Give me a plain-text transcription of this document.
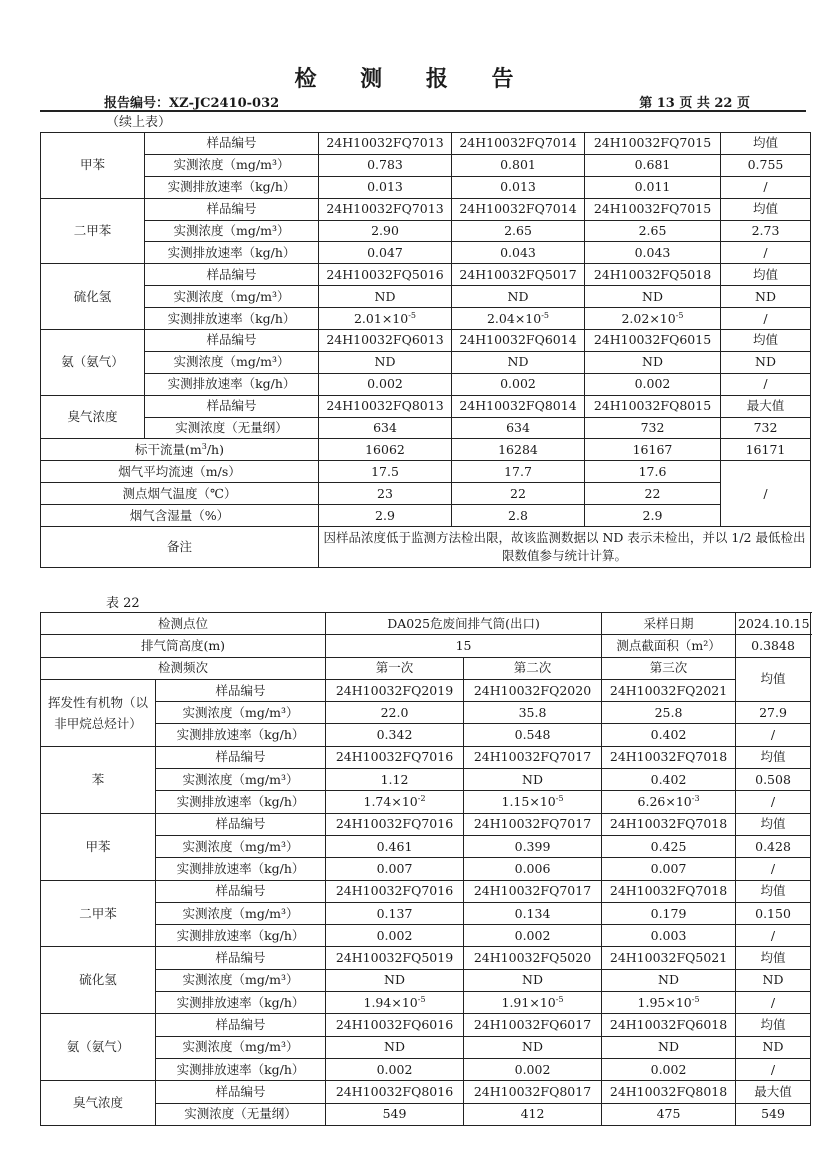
检 测 报 告
报告编号：XZ-JC2410-032	第 13 页 共 22 页
（续上表）
甲苯	样品编号	24H10032FQ7013	24H10032FQ7014	24H10032FQ7015	均值
	实测浓度（mg/m³）	0.783	0.801	0.681	0.755
	实测排放速率（kg/h）	0.013	0.013	0.011	/
二甲苯	样品编号	24H10032FQ7013	24H10032FQ7014	24H10032FQ7015	均值
	实测浓度（mg/m³）	2.90	2.65	2.65	2.73
	实测排放速率（kg/h）	0.047	0.043	0.043	/
硫化氢	样品编号	24H10032FQ5016	24H10032FQ5017	24H10032FQ5018	均值
	实测浓度（mg/m³）	ND	ND	ND	ND
	实测排放速率（kg/h）	$2.01\times 10^{-5}$	$2.04\times 10^{-5}$	$2.02\times 10^{-5}$	/
氨（氨气）	样品编号	24H10032FQ6013	24H10032FQ6014	24H10032FQ6015	均值
	实测浓度（mg/m³）	ND	ND	ND	ND
	实测排放速率（kg/h）	0.002	0.002	0.002	/
臭气浓度	样品编号	24H10032FQ8013	24H10032FQ8014	24H10032FQ8015	最大值
	实测浓度（无量纲）	634	634	732	732
标干流量$(m^3/h)$		16062	16284	16167	16171
烟气平均流速（m/s）		17.5	17.7	17.6	/
测点烟气温度（℃）		23	22	22	
烟气含湿量（%）		2.9	2.8	2.9	
备注		因样品浓度低于监测方法检出限，故该监测数据以 ND 表示未检出，并以 1/2 最低检出限数值参与统计计算。			
表 22
检测点位		DA025危废间排气筒(出口)		采样日期	2024.10.15
排气筒高度(m)		15		测点截面积（m²）	0.3848
检测频次		第一次	第二次	第三次	均值
挥发性有机物（以非甲烷总烃计）	样品编号	24H10032FQ2019	24H10032FQ2020	24H10032FQ2021	
	实测浓度（mg/m³）	22.0	35.8	25.8	27.9
	实测排放速率（kg/h）	0.342	0.548	0.402	/
苯	样品编号	24H10032FQ7016	24H10032FQ7017	24H10032FQ7018	均值
	实测浓度（mg/m³）	1.12	ND	0.402	0.508
	实测排放速率（kg/h）	$1.74\times 10^{-2}$	$1.15\times 10^{-5}$	$6.26\times 10^{-3}$	/
甲苯	样品编号	24H10032FQ7016	24H10032FQ7017	24H10032FQ7018	均值
	实测浓度（mg/m³）	0.461	0.399	0.425	0.428
	实测排放速率（kg/h）	0.007	0.006	0.007	/
二甲苯	样品编号	24H10032FQ7016	24H10032FQ7017	24H10032FQ7018	均值
	实测浓度（mg/m³）	0.137	0.134	0.179	0.150
	实测排放速率（kg/h）	0.002	0.002	0.003	/
硫化氢	样品编号	24H10032FQ5019	24H10032FQ5020	24H10032FQ5021	均值
	实测浓度（mg/m³）	ND	ND	ND	ND
	实测排放速率（kg/h）	$1.94\times 10^{-5}$	$1.91\times 10^{-5}$	$1.95\times 10^{-5}$	/
氨（氨气）	样品编号	24H10032FQ6016	24H10032FQ6017	24H10032FQ6018	均值
	实测浓度（mg/m³）	ND	ND	ND	ND
	实测排放速率（kg/h）	0.002	0.002	0.002	/
臭气浓度	样品编号	24H10032FQ8016	24H10032FQ8017	24H10032FQ8018	最大值
	实测浓度（无量纲）	549	412	475	549
